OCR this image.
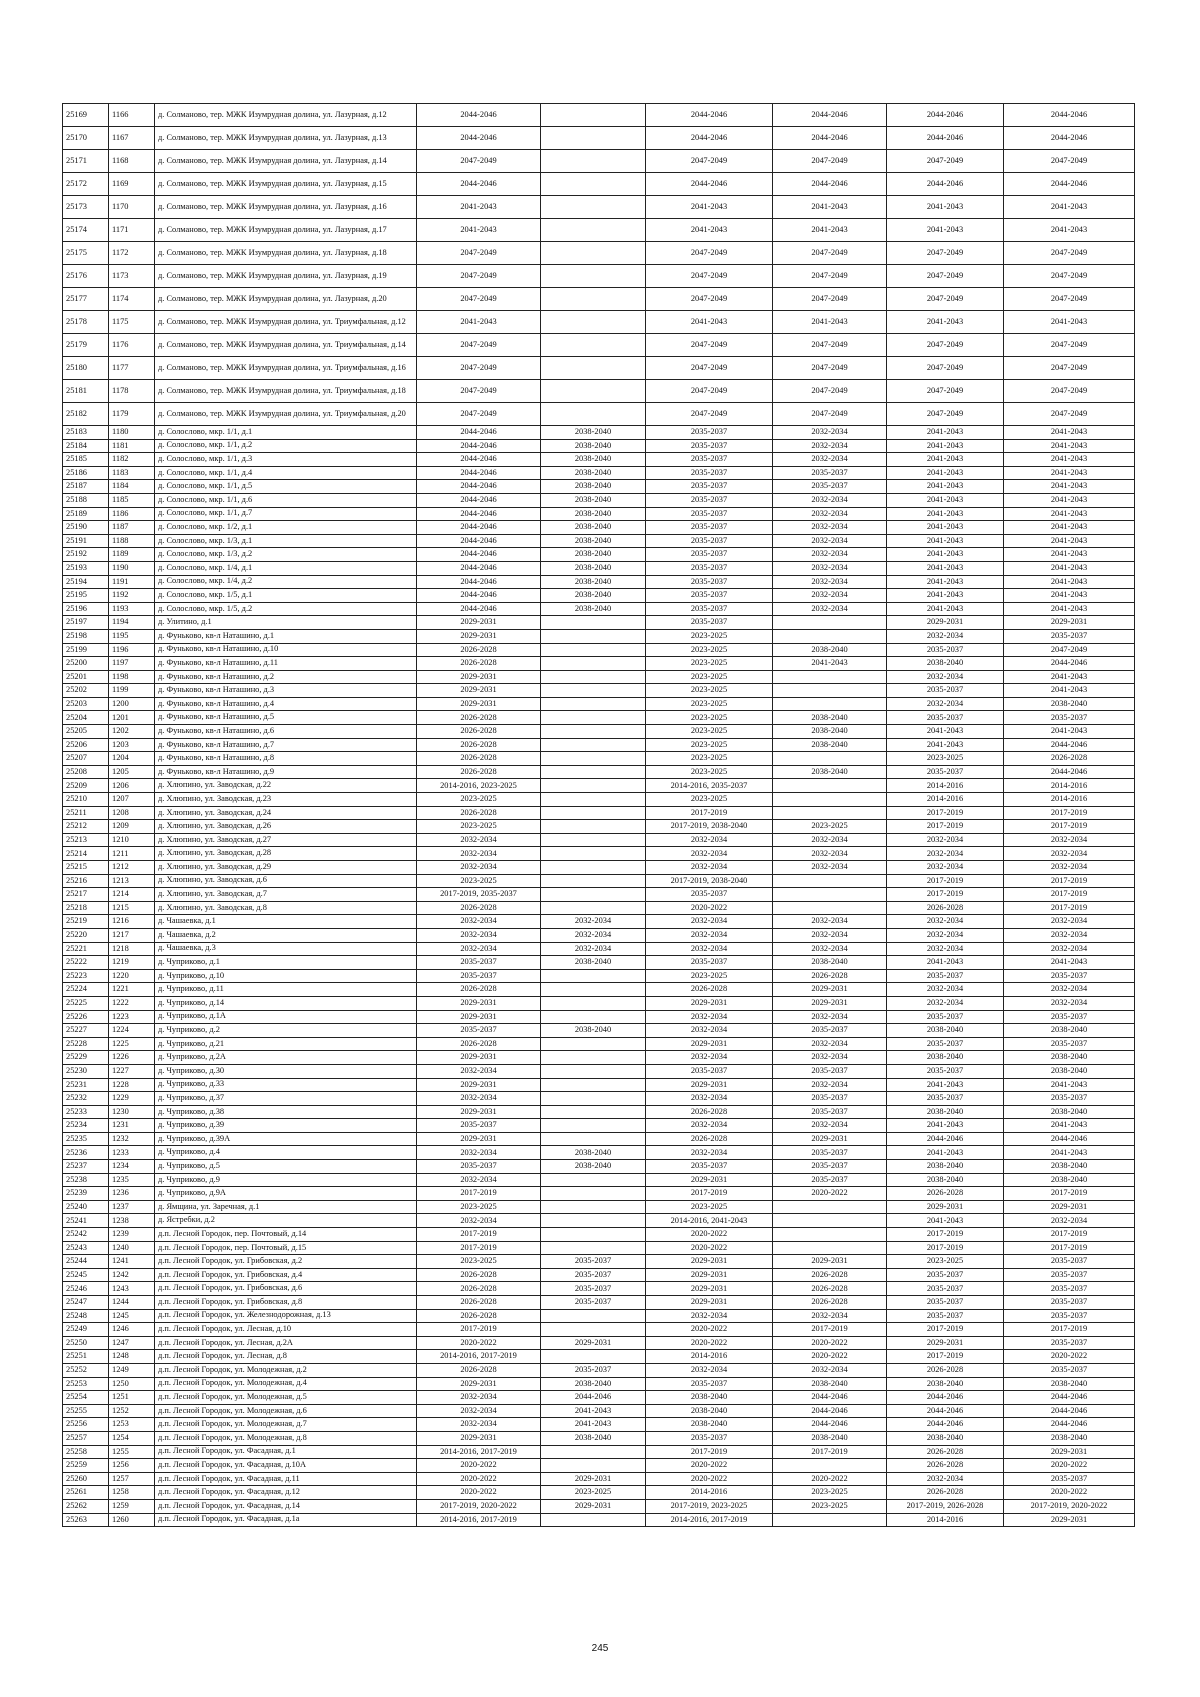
25169	1166	д. Солманово, тер. МЖК Изумрудная долина, ул. Лазурная, д.12	2044-2046		2044-2046	2044-2046	2044-2046	2044-2046
25170	1167	д. Солманово, тер. МЖК Изумрудная долина, ул. Лазурная, д.13	2044-2046		2044-2046	2044-2046	2044-2046	2044-2046
25171	1168	д. Солманово, тер. МЖК Изумрудная долина, ул. Лазурная, д.14	2047-2049		2047-2049	2047-2049	2047-2049	2047-2049
25172	1169	д. Солманово, тер. МЖК Изумрудная долина, ул. Лазурная, д.15	2044-2046		2044-2046	2044-2046	2044-2046	2044-2046
25173	1170	д. Солманово, тер. МЖК Изумрудная долина, ул. Лазурная, д.16	2041-2043		2041-2043	2041-2043	2041-2043	2041-2043
25174	1171	д. Солманово, тер. МЖК Изумрудная долина, ул. Лазурная, д.17	2041-2043		2041-2043	2041-2043	2041-2043	2041-2043
25175	1172	д. Солманово, тер. МЖК Изумрудная долина, ул. Лазурная, д.18	2047-2049		2047-2049	2047-2049	2047-2049	2047-2049
25176	1173	д. Солманово, тер. МЖК Изумрудная долина, ул. Лазурная, д.19	2047-2049		2047-2049	2047-2049	2047-2049	2047-2049
25177	1174	д. Солманово, тер. МЖК Изумрудная долина, ул. Лазурная, д.20	2047-2049		2047-2049	2047-2049	2047-2049	2047-2049
25178	1175	д. Солманово, тер. МЖК Изумрудная долина, ул. Триумфальная, д.12	2041-2043		2041-2043	2041-2043	2041-2043	2041-2043
25179	1176	д. Солманово, тер. МЖК Изумрудная долина, ул. Триумфальная, д.14	2047-2049		2047-2049	2047-2049	2047-2049	2047-2049
25180	1177	д. Солманово, тер. МЖК Изумрудная долина, ул. Триумфальная, д.16	2047-2049		2047-2049	2047-2049	2047-2049	2047-2049
25181	1178	д. Солманово, тер. МЖК Изумрудная долина, ул. Триумфальная, д.18	2047-2049		2047-2049	2047-2049	2047-2049	2047-2049
25182	1179	д. Солманово, тер. МЖК Изумрудная долина, ул. Триумфальная, д.20	2047-2049		2047-2049	2047-2049	2047-2049	2047-2049
25183	1180	д. Солослово, мкр. 1/1, д.1	2044-2046	2038-2040	2035-2037	2032-2034	2041-2043	2041-2043
25184	1181	д. Солослово, мкр. 1/1, д.2	2044-2046	2038-2040	2035-2037	2032-2034	2041-2043	2041-2043
25185	1182	д. Солослово, мкр. 1/1, д.3	2044-2046	2038-2040	2035-2037	2032-2034	2041-2043	2041-2043
25186	1183	д. Солослово, мкр. 1/1, д.4	2044-2046	2038-2040	2035-2037	2035-2037	2041-2043	2041-2043
25187	1184	д. Солослово, мкр. 1/1, д.5	2044-2046	2038-2040	2035-2037	2035-2037	2041-2043	2041-2043
25188	1185	д. Солослово, мкр. 1/1, д.6	2044-2046	2038-2040	2035-2037	2032-2034	2041-2043	2041-2043
25189	1186	д. Солослово, мкр. 1/1, д.7	2044-2046	2038-2040	2035-2037	2032-2034	2041-2043	2041-2043
25190	1187	д. Солослово, мкр. 1/2, д.1	2044-2046	2038-2040	2035-2037	2032-2034	2041-2043	2041-2043
25191	1188	д. Солослово, мкр. 1/3, д.1	2044-2046	2038-2040	2035-2037	2032-2034	2041-2043	2041-2043
25192	1189	д. Солослово, мкр. 1/3, д.2	2044-2046	2038-2040	2035-2037	2032-2034	2041-2043	2041-2043
25193	1190	д. Солослово, мкр. 1/4, д.1	2044-2046	2038-2040	2035-2037	2032-2034	2041-2043	2041-2043
25194	1191	д. Солослово, мкр. 1/4, д.2	2044-2046	2038-2040	2035-2037	2032-2034	2041-2043	2041-2043
25195	1192	д. Солослово, мкр. 1/5, д.1	2044-2046	2038-2040	2035-2037	2032-2034	2041-2043	2041-2043
25196	1193	д. Солослово, мкр. 1/5, д.2	2044-2046	2038-2040	2035-2037	2032-2034	2041-2043	2041-2043
25197	1194	д. Улитино, д.1	2029-2031		2035-2037		2029-2031	2029-2031
25198	1195	д. Фуньково, кв-л Наташино, д.1	2029-2031		2023-2025		2032-2034	2035-2037
25199	1196	д. Фуньково, кв-л Наташино, д.10	2026-2028		2023-2025	2038-2040	2035-2037	2047-2049
25200	1197	д. Фуньково, кв-л Наташино, д.11	2026-2028		2023-2025	2041-2043	2038-2040	2044-2046
25201	1198	д. Фуньково, кв-л Наташино, д.2	2029-2031		2023-2025		2032-2034	2041-2043
25202	1199	д. Фуньково, кв-л Наташино, д.3	2029-2031		2023-2025		2035-2037	2041-2043
25203	1200	д. Фуньково, кв-л Наташино, д.4	2029-2031		2023-2025		2032-2034	2038-2040
25204	1201	д. Фуньково, кв-л Наташино, д.5	2026-2028		2023-2025	2038-2040	2035-2037	2035-2037
25205	1202	д. Фуньково, кв-л Наташино, д.6	2026-2028		2023-2025	2038-2040	2041-2043	2041-2043
25206	1203	д. Фуньково, кв-л Наташино, д.7	2026-2028		2023-2025	2038-2040	2041-2043	2044-2046
25207	1204	д. Фуньково, кв-л Наташино, д.8	2026-2028		2023-2025		2023-2025	2026-2028
25208	1205	д. Фуньково, кв-л Наташино, д.9	2026-2028		2023-2025	2038-2040	2035-2037	2044-2046
25209	1206	д. Хлюпино, ул. Заводская, д.22	2014-2016, 2023-2025		2014-2016, 2035-2037		2014-2016	2014-2016
25210	1207	д. Хлюпино, ул. Заводская, д.23	2023-2025		2023-2025		2014-2016	2014-2016
25211	1208	д. Хлюпино, ул. Заводская, д.24	2026-2028		2017-2019		2017-2019	2017-2019
25212	1209	д. Хлюпино, ул. Заводская, д.26	2023-2025		2017-2019, 2038-2040	2023-2025	2017-2019	2017-2019
25213	1210	д. Хлюпино, ул. Заводская, д.27	2032-2034		2032-2034	2032-2034	2032-2034	2032-2034
25214	1211	д. Хлюпино, ул. Заводская, д.28	2032-2034		2032-2034	2032-2034	2032-2034	2032-2034
25215	1212	д. Хлюпино, ул. Заводская, д.29	2032-2034		2032-2034	2032-2034	2032-2034	2032-2034
25216	1213	д. Хлюпино, ул. Заводская, д.6	2023-2025		2017-2019, 2038-2040		2017-2019	2017-2019
25217	1214	д. Хлюпино, ул. Заводская, д.7	2017-2019, 2035-2037		2035-2037		2017-2019	2017-2019
25218	1215	д. Хлюпино, ул. Заводская, д.8	2026-2028		2020-2022		2026-2028	2017-2019
25219	1216	д. Чашаевка, д.1	2032-2034	2032-2034	2032-2034	2032-2034	2032-2034	2032-2034
25220	1217	д. Чашаевка, д.2	2032-2034	2032-2034	2032-2034	2032-2034	2032-2034	2032-2034
25221	1218	д. Чашаевка, д.3	2032-2034	2032-2034	2032-2034	2032-2034	2032-2034	2032-2034
25222	1219	д. Чуприково, д.1	2035-2037	2038-2040	2035-2037	2038-2040	2041-2043	2041-2043
25223	1220	д. Чуприково, д.10	2035-2037		2023-2025	2026-2028	2035-2037	2035-2037
25224	1221	д. Чуприково, д.11	2026-2028		2026-2028	2029-2031	2032-2034	2032-2034
25225	1222	д. Чуприково, д.14	2029-2031		2029-2031	2029-2031	2032-2034	2032-2034
25226	1223	д. Чуприково, д.1А	2029-2031		2032-2034	2032-2034	2035-2037	2035-2037
25227	1224	д. Чуприково, д.2	2035-2037	2038-2040	2032-2034	2035-2037	2038-2040	2038-2040
25228	1225	д. Чуприково, д.21	2026-2028		2029-2031	2032-2034	2035-2037	2035-2037
25229	1226	д. Чуприково, д.2А	2029-2031		2032-2034	2032-2034	2038-2040	2038-2040
25230	1227	д. Чуприково, д.30	2032-2034		2035-2037	2035-2037	2035-2037	2038-2040
25231	1228	д. Чуприково, д.33	2029-2031		2029-2031	2032-2034	2041-2043	2041-2043
25232	1229	д. Чуприково, д.37	2032-2034		2032-2034	2035-2037	2035-2037	2035-2037
25233	1230	д. Чуприково, д.38	2029-2031		2026-2028	2035-2037	2038-2040	2038-2040
25234	1231	д. Чуприково, д.39	2035-2037		2032-2034	2032-2034	2041-2043	2041-2043
25235	1232	д. Чуприково, д.39А	2029-2031		2026-2028	2029-2031	2044-2046	2044-2046
25236	1233	д. Чуприково, д.4	2032-2034	2038-2040	2032-2034	2035-2037	2041-2043	2041-2043
25237	1234	д. Чуприково, д.5	2035-2037	2038-2040	2035-2037	2035-2037	2038-2040	2038-2040
25238	1235	д. Чуприково, д.9	2032-2034		2029-2031	2035-2037	2038-2040	2038-2040
25239	1236	д. Чуприково, д.9А	2017-2019		2017-2019	2020-2022	2026-2028	2017-2019
25240	1237	д. Ямщина, ул. Заречная, д.1	2023-2025		2023-2025		2029-2031	2029-2031
25241	1238	д. Ястребки, д.2	2032-2034		2014-2016, 2041-2043		2041-2043	2032-2034
25242	1239	д.п. Лесной Городок, пер. Почтовый, д.14	2017-2019		2020-2022		2017-2019	2017-2019
25243	1240	д.п. Лесной Городок, пер. Почтовый, д.15	2017-2019		2020-2022		2017-2019	2017-2019
25244	1241	д.п. Лесной Городок, ул. Грибовская, д.2	2023-2025	2035-2037	2029-2031	2029-2031	2023-2025	2035-2037
25245	1242	д.п. Лесной Городок, ул. Грибовская, д.4	2026-2028	2035-2037	2029-2031	2026-2028	2035-2037	2035-2037
25246	1243	д.п. Лесной Городок, ул. Грибовская, д.6	2026-2028	2035-2037	2029-2031	2026-2028	2035-2037	2035-2037
25247	1244	д.п. Лесной Городок, ул. Грибовская, д.8	2026-2028	2035-2037	2029-2031	2026-2028	2035-2037	2035-2037
25248	1245	д.п. Лесной Городок, ул. Железнодорожная, д.13	2026-2028		2032-2034	2032-2034	2035-2037	2035-2037
25249	1246	д.п. Лесной Городок, ул. Лесная, д.10	2017-2019		2020-2022	2017-2019	2017-2019	2017-2019
25250	1247	д.п. Лесной Городок, ул. Лесная, д.2А	2020-2022	2029-2031	2020-2022	2020-2022	2029-2031	2035-2037
25251	1248	д.п. Лесной Городок, ул. Лесная, д.8	2014-2016, 2017-2019		2014-2016	2020-2022	2017-2019	2020-2022
25252	1249	д.п. Лесной Городок, ул. Молодежная, д.2	2026-2028	2035-2037	2032-2034	2032-2034	2026-2028	2035-2037
25253	1250	д.п. Лесной Городок, ул. Молодежная, д.4	2029-2031	2038-2040	2035-2037	2038-2040	2038-2040	2038-2040
25254	1251	д.п. Лесной Городок, ул. Молодежная, д.5	2032-2034	2044-2046	2038-2040	2044-2046	2044-2046	2044-2046
25255	1252	д.п. Лесной Городок, ул. Молодежная, д.6	2032-2034	2041-2043	2038-2040	2044-2046	2044-2046	2044-2046
25256	1253	д.п. Лесной Городок, ул. Молодежная, д.7	2032-2034	2041-2043	2038-2040	2044-2046	2044-2046	2044-2046
25257	1254	д.п. Лесной Городок, ул. Молодежная, д.8	2029-2031	2038-2040	2035-2037	2038-2040	2038-2040	2038-2040
25258	1255	д.п. Лесной Городок, ул. Фасадная, д.1	2014-2016, 2017-2019		2017-2019	2017-2019	2026-2028	2029-2031
25259	1256	д.п. Лесной Городок, ул. Фасадная, д.10А	2020-2022		2020-2022		2026-2028	2020-2022
25260	1257	д.п. Лесной Городок, ул. Фасадная, д.11	2020-2022	2029-2031	2020-2022	2020-2022	2032-2034	2035-2037
25261	1258	д.п. Лесной Городок, ул. Фасадная, д.12	2020-2022	2023-2025	2014-2016	2023-2025	2026-2028	2020-2022
25262	1259	д.п. Лесной Городок, ул. Фасадная, д.14	2017-2019, 2020-2022	2029-2031	2017-2019, 2023-2025	2023-2025	2017-2019, 2026-2028	2017-2019, 2020-2022
25263	1260	д.п. Лесной Городок, ул. Фасадная, д.1а	2014-2016, 2017-2019		2014-2016, 2017-2019		2014-2016	2029-2031
245
